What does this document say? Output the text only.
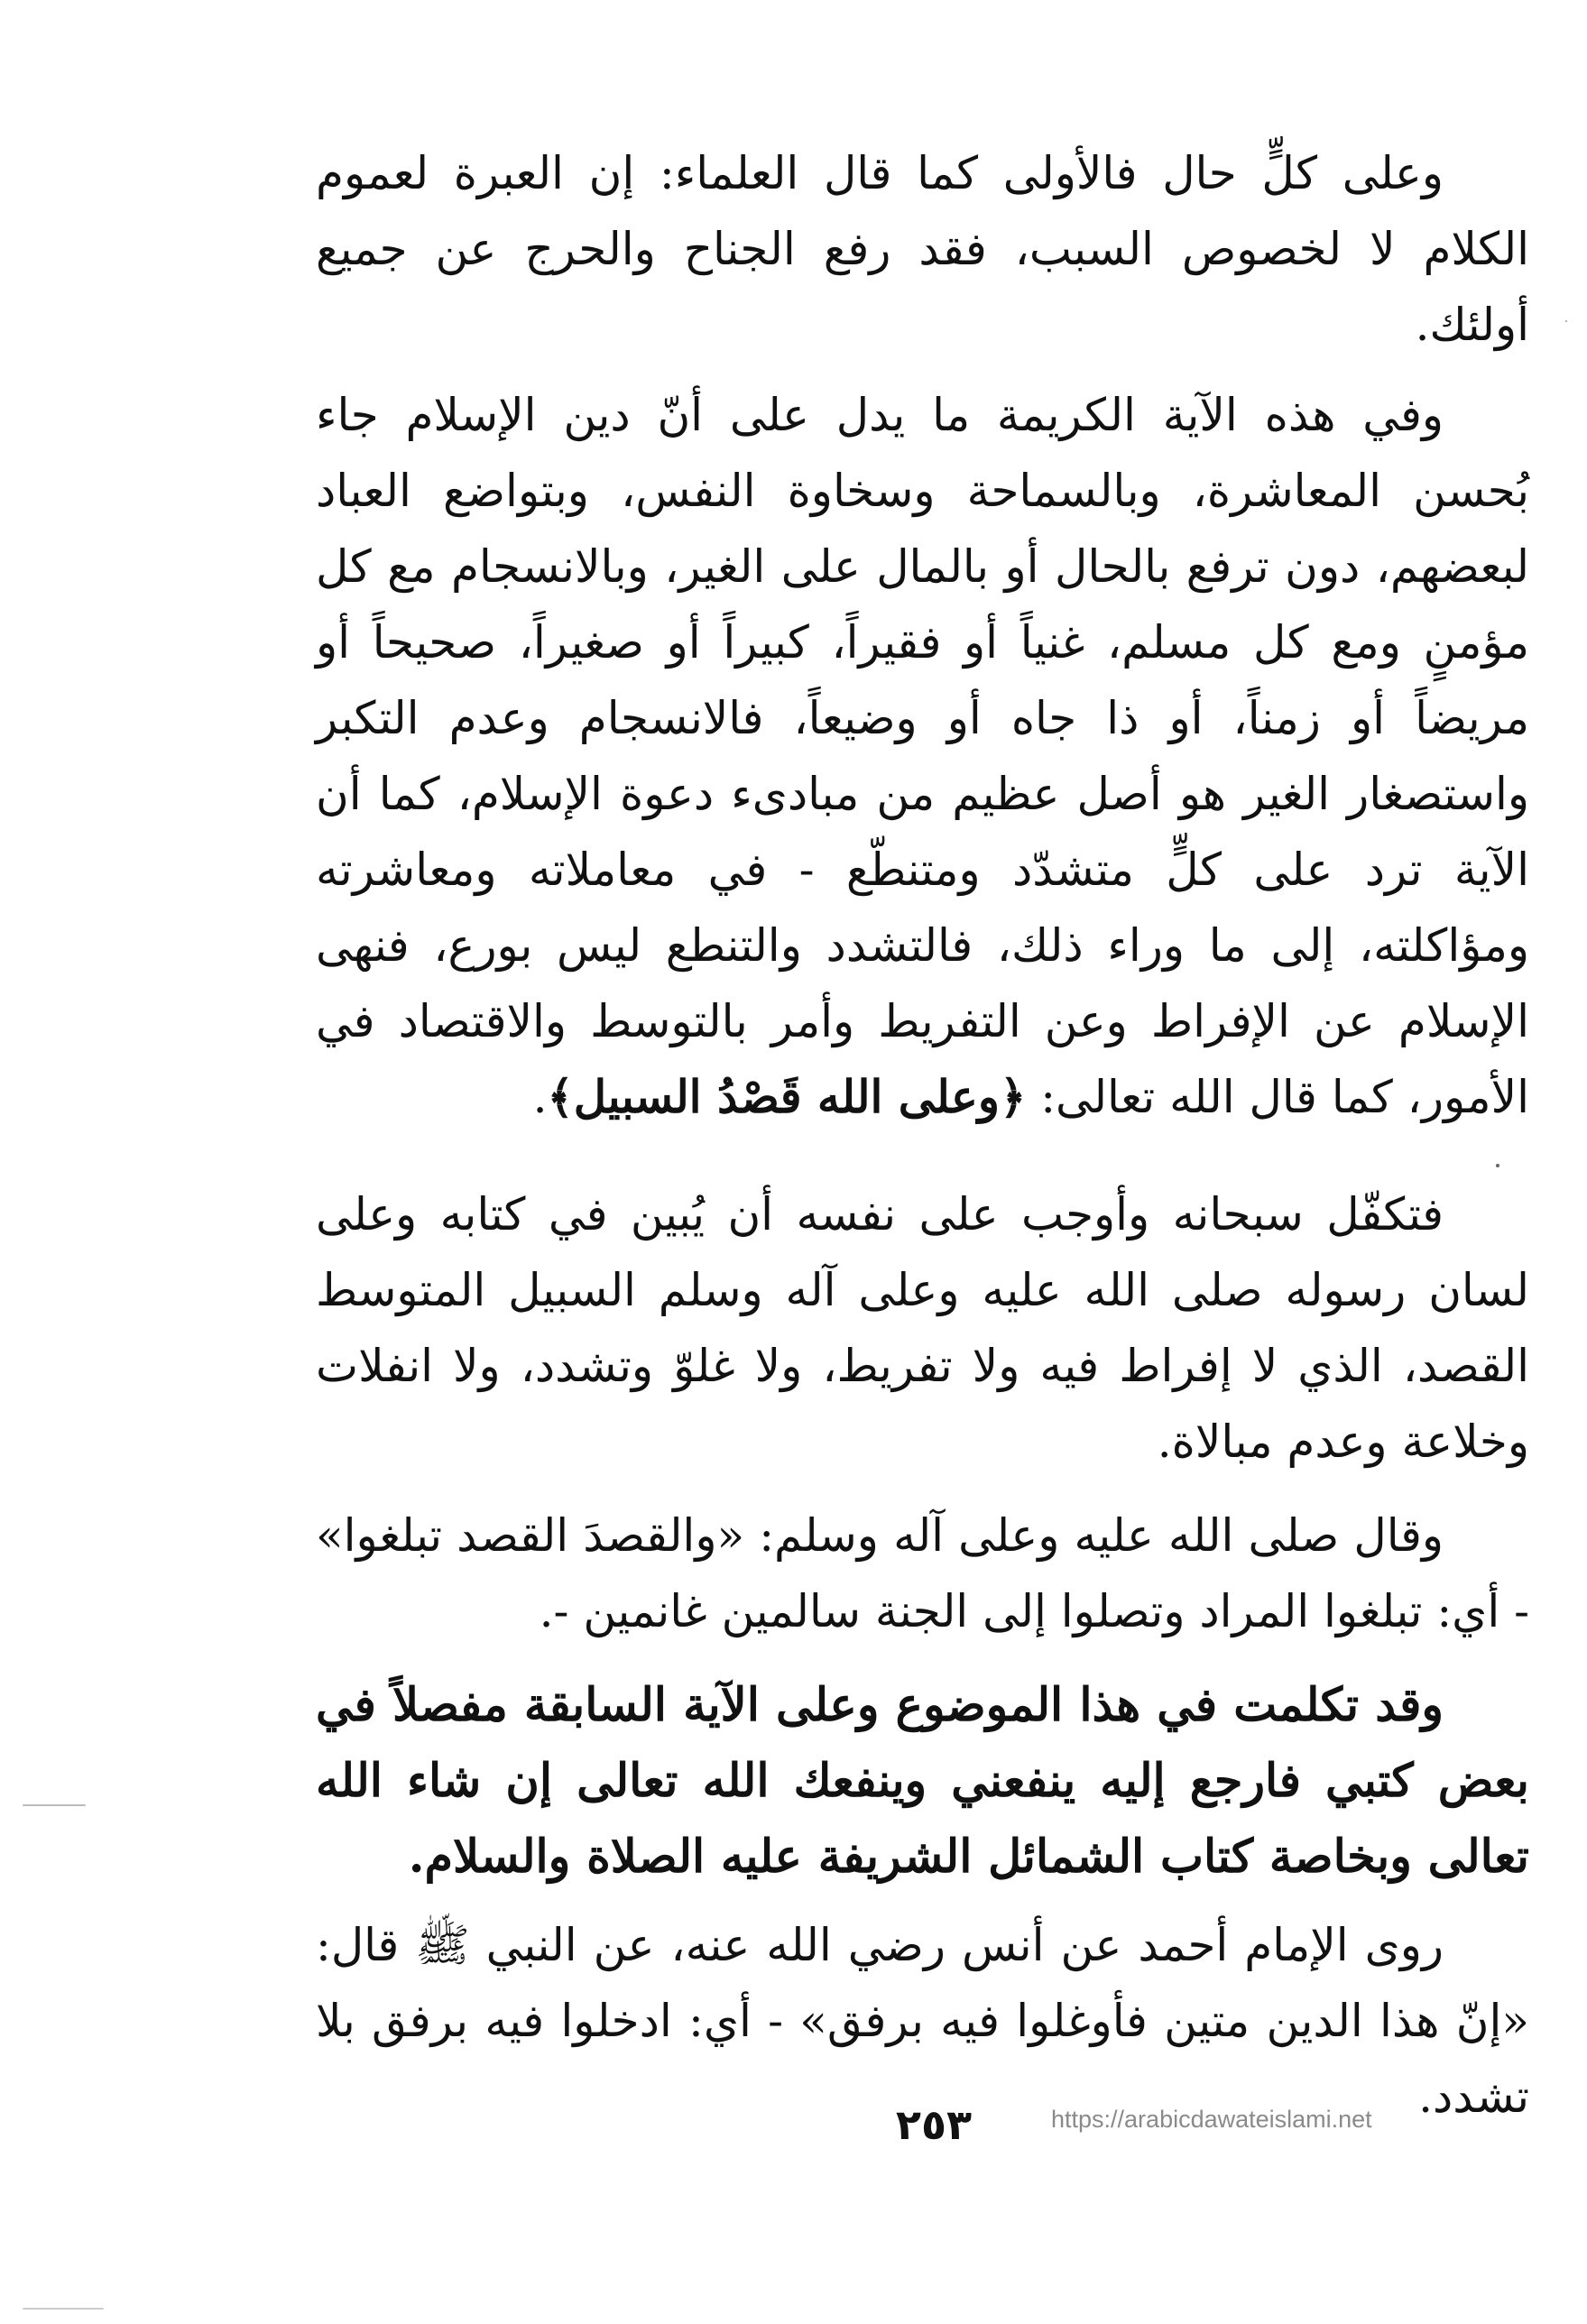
وعلى كلٍّ حال فالأولى كما قال العلماء: إن العبرة لعموم الكلام لا لخصوص السبب، فقد رفع الجناح والحرج عن جميع أولئك.

وفي هذه الآية الكريمة ما يدل على أنّ دين الإسلام جاء بُحسن المعاشرة، وبالسماحة وسخاوة النفس، وبتواضع العباد لبعضهم، دون ترفع بالحال أو بالمال على الغير، وبالانسجام مع كل مؤمنٍ ومع كل مسلم، غنياً أو فقيراً، كبيراً أو صغيراً، صحيحاً أو مريضاً أو زمناً، أو ذا جاه أو وضيعاً، فالانسجام وعدم التكبر واستصغار الغير هو أصل عظيم من مبادىء دعوة الإسلام، كما أن الآية ترد على كلٍّ متشدّد ومتنطّع - في معاملاته ومعاشرته ومؤاكلته، إلى ما وراء ذلك، فالتشدد والتنطع ليس بورع، فنهى الإسلام عن الإفراط وعن التفريط وأمر بالتوسط والاقتصاد في الأمور، كما قال الله تعالى: ﴿وعلى الله قَصْدُ السبيل﴾.

فتكفّل سبحانه وأوجب على نفسه أن يُبين في كتابه وعلى لسان رسوله صلى الله عليه وعلى آله وسلم السبيل المتوسط القصد، الذي لا إفراط فيه ولا تفريط، ولا غلوّ وتشدد، ولا انفلات وخلاعة وعدم مبالاة.

وقال صلى الله عليه وعلى آله وسلم: «والقصدَ القصد تبلغوا» - أي: تبلغوا المراد وتصلوا إلى الجنة سالمين غانمين -.

وقد تكلمت في هذا الموضوع وعلى الآية السابقة مفصلاً في بعض كتبي فارجع إليه ينفعني وينفعك الله تعالى إن شاء الله تعالى وبخاصة كتاب الشمائل الشريفة عليه الصلاة والسلام.

روى الإمام أحمد عن أنس رضي الله عنه، عن النبي ﷺ قال: «إنّ هذا الدين متين فأوغلوا فيه برفق» - أي: ادخلوا فيه برفق بلا تشدد.

٢٥٣	https://arabicdawateislami.net
